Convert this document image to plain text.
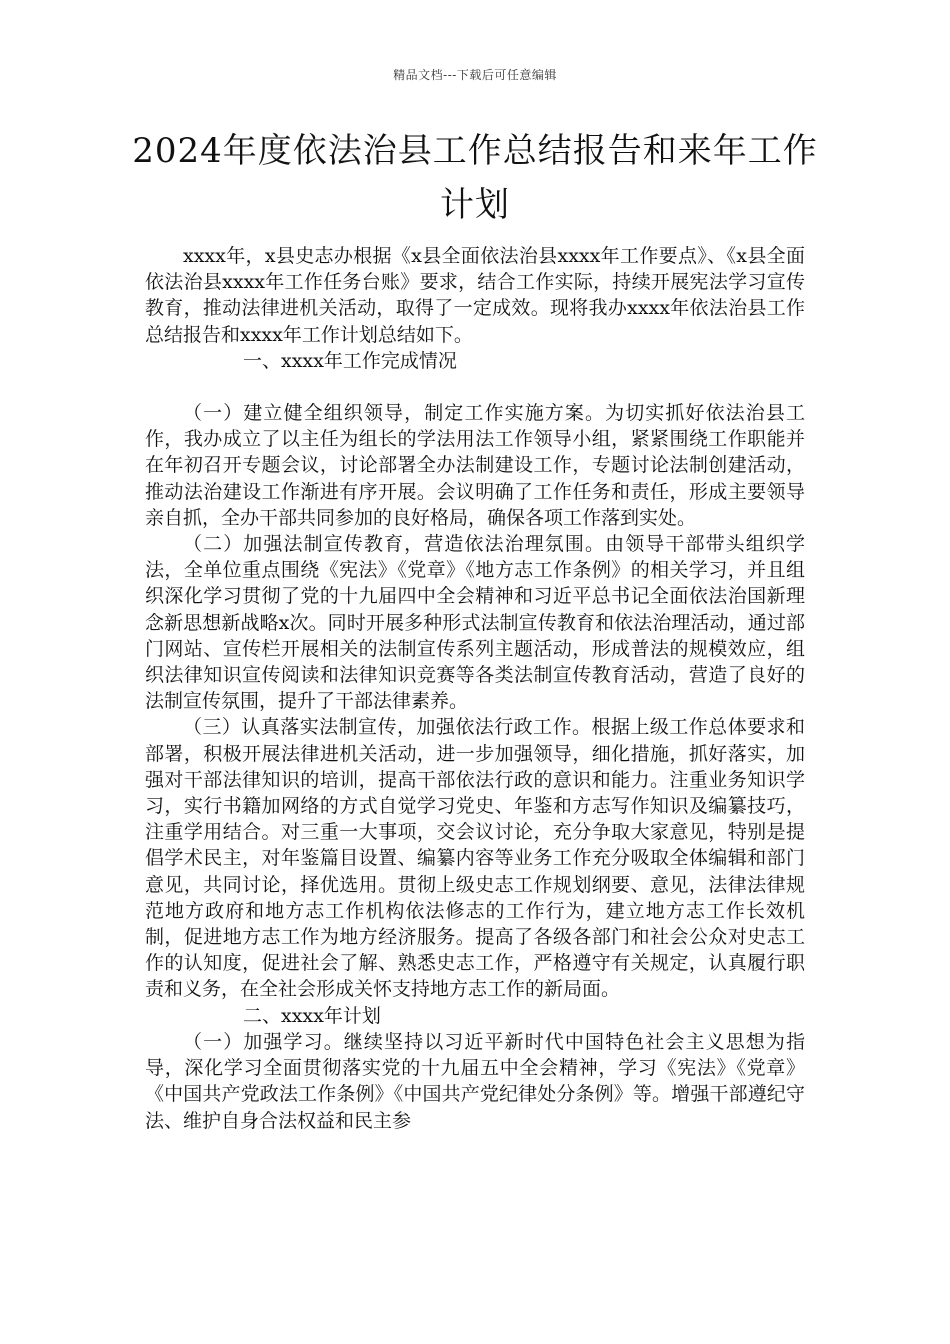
精品文档---下载后可任意编辑
2024年度依法治县工作总结报告和来年工作计划

xxxx年，x县史志办根据《x县全面依法治县xxxx年工作要点》、《x县全面依法治县xxxx年工作任务台账》要求，结合工作实际，持续开展宪法学习宣传教育，推动法律进机关活动，取得了一定成效。现将我办xxxx年依法治县工作总结报告和xxxx年工作计划总结如下。

一、xxxx年工作完成情况

（一）建立健全组织领导，制定工作实施方案。为切实抓好依法治县工作，我办成立了以主任为组长的学法用法工作领导小组，紧紧围绕工作职能并在年初召开专题会议，讨论部署全办法制建设工作，专题讨论法制创建活动，推动法治建设工作渐进有序开展。会议明确了工作任务和责任，形成主要领导亲自抓，全办干部共同参加的良好格局，确保各项工作落到实处。

（二）加强法制宣传教育，营造依法治理氛围。由领导干部带头组织学法，全单位重点围绕《宪法》《党章》《地方志工作条例》的相关学习，并且组织深化学习贯彻了党的十九届四中全会精神和习近平总书记全面依法治国新理念新思想新战略x次。同时开展多种形式法制宣传教育和依法治理活动，通过部门网站、宣传栏开展相关的法制宣传系列主题活动，形成普法的规模效应，组织法律知识宣传阅读和法律知识竞赛等各类法制宣传教育活动，营造了良好的法制宣传氛围，提升了干部法律素养。

（三）认真落实法制宣传，加强依法行政工作。根据上级工作总体要求和部署，积极开展法律进机关活动，进一步加强领导，细化措施，抓好落实，加强对干部法律知识的培训，提高干部依法行政的意识和能力。注重业务知识学习，实行书籍加网络的方式自觉学习党史、年鉴和方志写作知识及编纂技巧，注重学用结合。对三重一大事项，交会议讨论，充分争取大家意见，特别是提倡学术民主，对年鉴篇目设置、编纂内容等业务工作充分吸取全体编辑和部门意见，共同讨论，择优选用。贯彻上级史志工作规划纲要、意见，法律法律规范地方政府和地方志工作机构依法修志的工作行为，建立地方志工作长效机制，促进地方志工作为地方经济服务。提高了各级各部门和社会公众对史志工作的认知度，促进社会了解、熟悉史志工作，严格遵守有关规定，认真履行职责和义务，在全社会形成关怀支持地方志工作的新局面。

二、xxxx年计划

（一）加强学习。继续坚持以习近平新时代中国特色社会主义思想为指导，深化学习全面贯彻落实党的十九届五中全会精神，学习《宪法》《党章》《中国共产党政法工作条例》《中国共产党纪律处分条例》等。增强干部遵纪守法、维护自身合法权益和民主参
